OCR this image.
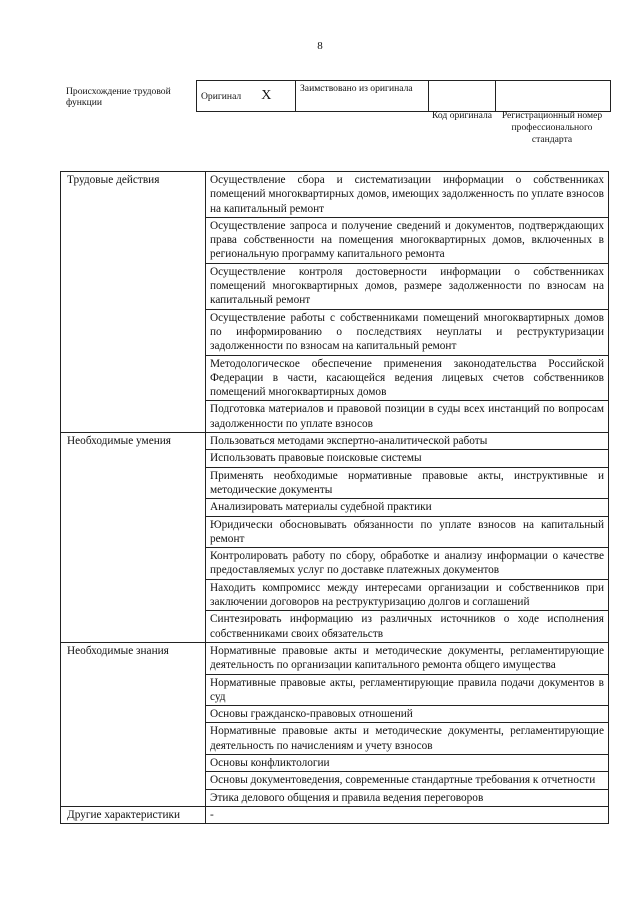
8
Происхождение трудовой функции
Оригинал X	Заимствовано из оригинала		
Код оригинала	Регистрационный номер профессионального стандарта
Трудовые действия	Осуществление сбора и систематизации информации о собственниках помещений многоквартирных домов, имеющих задолженность по уплате взносов на капитальный ремонт
	Осуществление запроса и получение сведений и документов, подтверждающих права собственности на помещения многоквартирных домов, включенных в региональную программу капитального ремонта
	Осуществление контроля достоверности информации о собственниках помещений многоквартирных домов, размере задолженности по взносам на капитальный ремонт
	Осуществление работы с собственниками помещений многоквартирных домов по информированию о последствиях неуплаты и реструктуризации задолженности по взносам на капитальный ремонт
	Методологическое обеспечение применения законодательства Российской Федерации в части, касающейся ведения лицевых счетов собственников помещений многоквартирных домов
	Подготовка материалов и правовой позиции в суды всех инстанций по вопросам задолженности по уплате взносов
Необходимые умения	Пользоваться методами экспертно-аналитической работы
	Использовать правовые поисковые системы
	Применять необходимые нормативные правовые акты, инструктивные и методические документы
	Анализировать материалы судебной практики
	Юридически обосновывать обязанности по уплате взносов на капитальный ремонт
	Контролировать работу по сбору, обработке и анализу информации о качестве предоставляемых услуг по доставке платежных документов
	Находить компромисс между интересами организации и собственников при заключении договоров на реструктуризацию долгов и соглашений
	Синтезировать информацию из различных источников о ходе исполнения собственниками своих обязательств
Необходимые знания	Нормативные правовые акты и методические документы, регламентирующие деятельность по организации капитального ремонта общего имущества
	Нормативные правовые акты, регламентирующие правила подачи документов в суд
	Основы гражданско-правовых отношений
	Нормативные правовые акты и методические документы, регламентирующие деятельность по начислениям и учету взносов
	Основы конфликтологии
	Основы документоведения, современные стандартные требования к отчетности
	Этика делового общения и правила ведения переговоров
Другие характеристики	-
